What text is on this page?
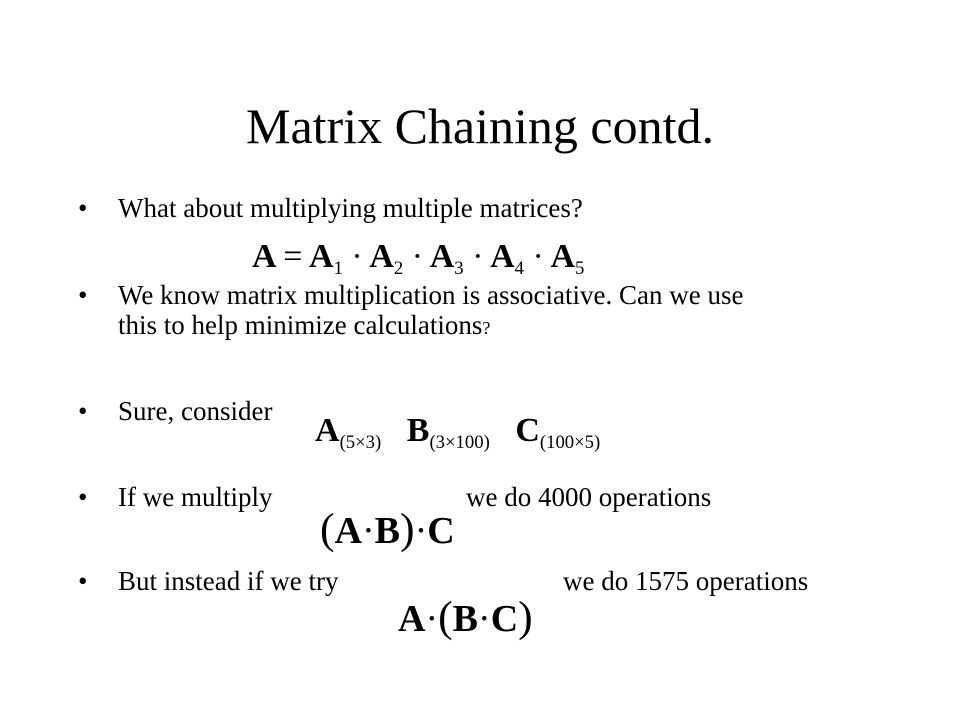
Matrix Chaining contd.
• What about multiplying multiple matrices?
A = A1 · A2 · A3 · A4 · A5
• We know matrix multiplication is associative. Can we use
this to help minimize calculations?
• Sure, consider
A(5×3) B(3×100) C(100×5)
• If we multiply	we do 4000 operations
(A·B)·C
• But instead if we try	we do 1575 operations
A·(B·C)
